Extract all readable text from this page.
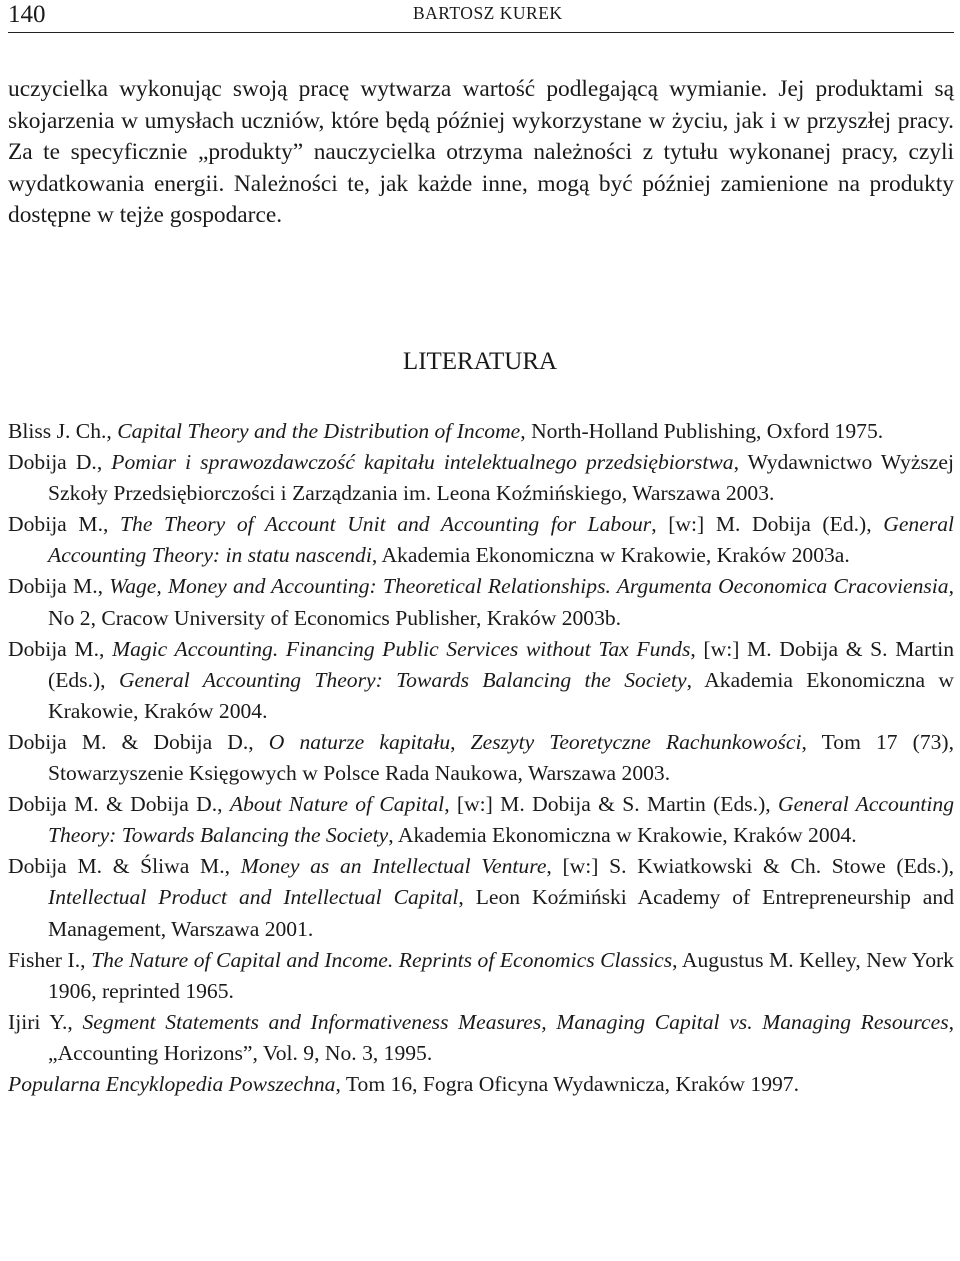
140	BARTOSZ KUREK

uczycielka wykonując swoją pracę wytwarza wartość podlegającą wymianie. Jej produktami są skojarzenia w umysłach uczniów, które będą później wykorzystane w życiu, jak i w przyszłej pracy. Za te specyficznie „produkty” nauczycielka otrzyma należności z tytułu wykonanej pracy, czyli wydatkowania energii. Należności te, jak każde inne, mogą być później zamienione na produkty dostępne w tejże gospodarce.

LITERATURA
Bliss J. Ch., Capital Theory and the Distribution of Income, North-Holland Publishing, Oxford 1975.
Dobija D., Pomiar i sprawozdawczość kapitału intelektualnego przedsiębiorstwa, Wydawnictwo Wyższej Szkoły Przedsiębiorczości i Zarządzania im. Leona Koźmińskiego, Warszawa 2003.
Dobija M., The Theory of Account Unit and Accounting for Labour, [w:] M. Dobija (Ed.), General Accounting Theory: in statu nascendi, Akademia Ekonomiczna w Krakowie, Kraków 2003a.
Dobija M., Wage, Money and Accounting: Theoretical Relationships. Argumenta Oeconomica Cracoviensia, No 2, Cracow University of Economics Publisher, Kraków 2003b.
Dobija M., Magic Accounting. Financing Public Services without Tax Funds, [w:] M. Dobija & S. Martin (Eds.), General Accounting Theory: Towards Balancing the Society, Akademia Ekonomiczna w Krakowie, Kraków 2004.
Dobija M. & Dobija D., O naturze kapitału, Zeszyty Teoretyczne Rachunkowości, Tom 17 (73), Stowarzyszenie Księgowych w Polsce Rada Naukowa, Warszawa 2003.
Dobija M. & Dobija D., About Nature of Capital, [w:] M. Dobija & S. Martin (Eds.), General Accounting Theory: Towards Balancing the Society, Akademia Ekonomiczna w Krakowie, Kraków 2004.
Dobija M. & Śliwa M., Money as an Intellectual Venture, [w:] S. Kwiatkowski & Ch. Stowe (Eds.), Intellectual Product and Intellectual Capital, Leon Koźmiński Academy of Entrepreneurship and Management, Warszawa 2001.
Fisher I., The Nature of Capital and Income. Reprints of Economics Classics, Augustus M. Kelley, New York 1906, reprinted 1965.
Ijiri Y., Segment Statements and Informativeness Measures, Managing Capital vs. Managing Resources, „Accounting Horizons”, Vol. 9, No. 3, 1995.
Popularna Encyklopedia Powszechna, Tom 16, Fogra Oficyna Wydawnicza, Kraków 1997.
